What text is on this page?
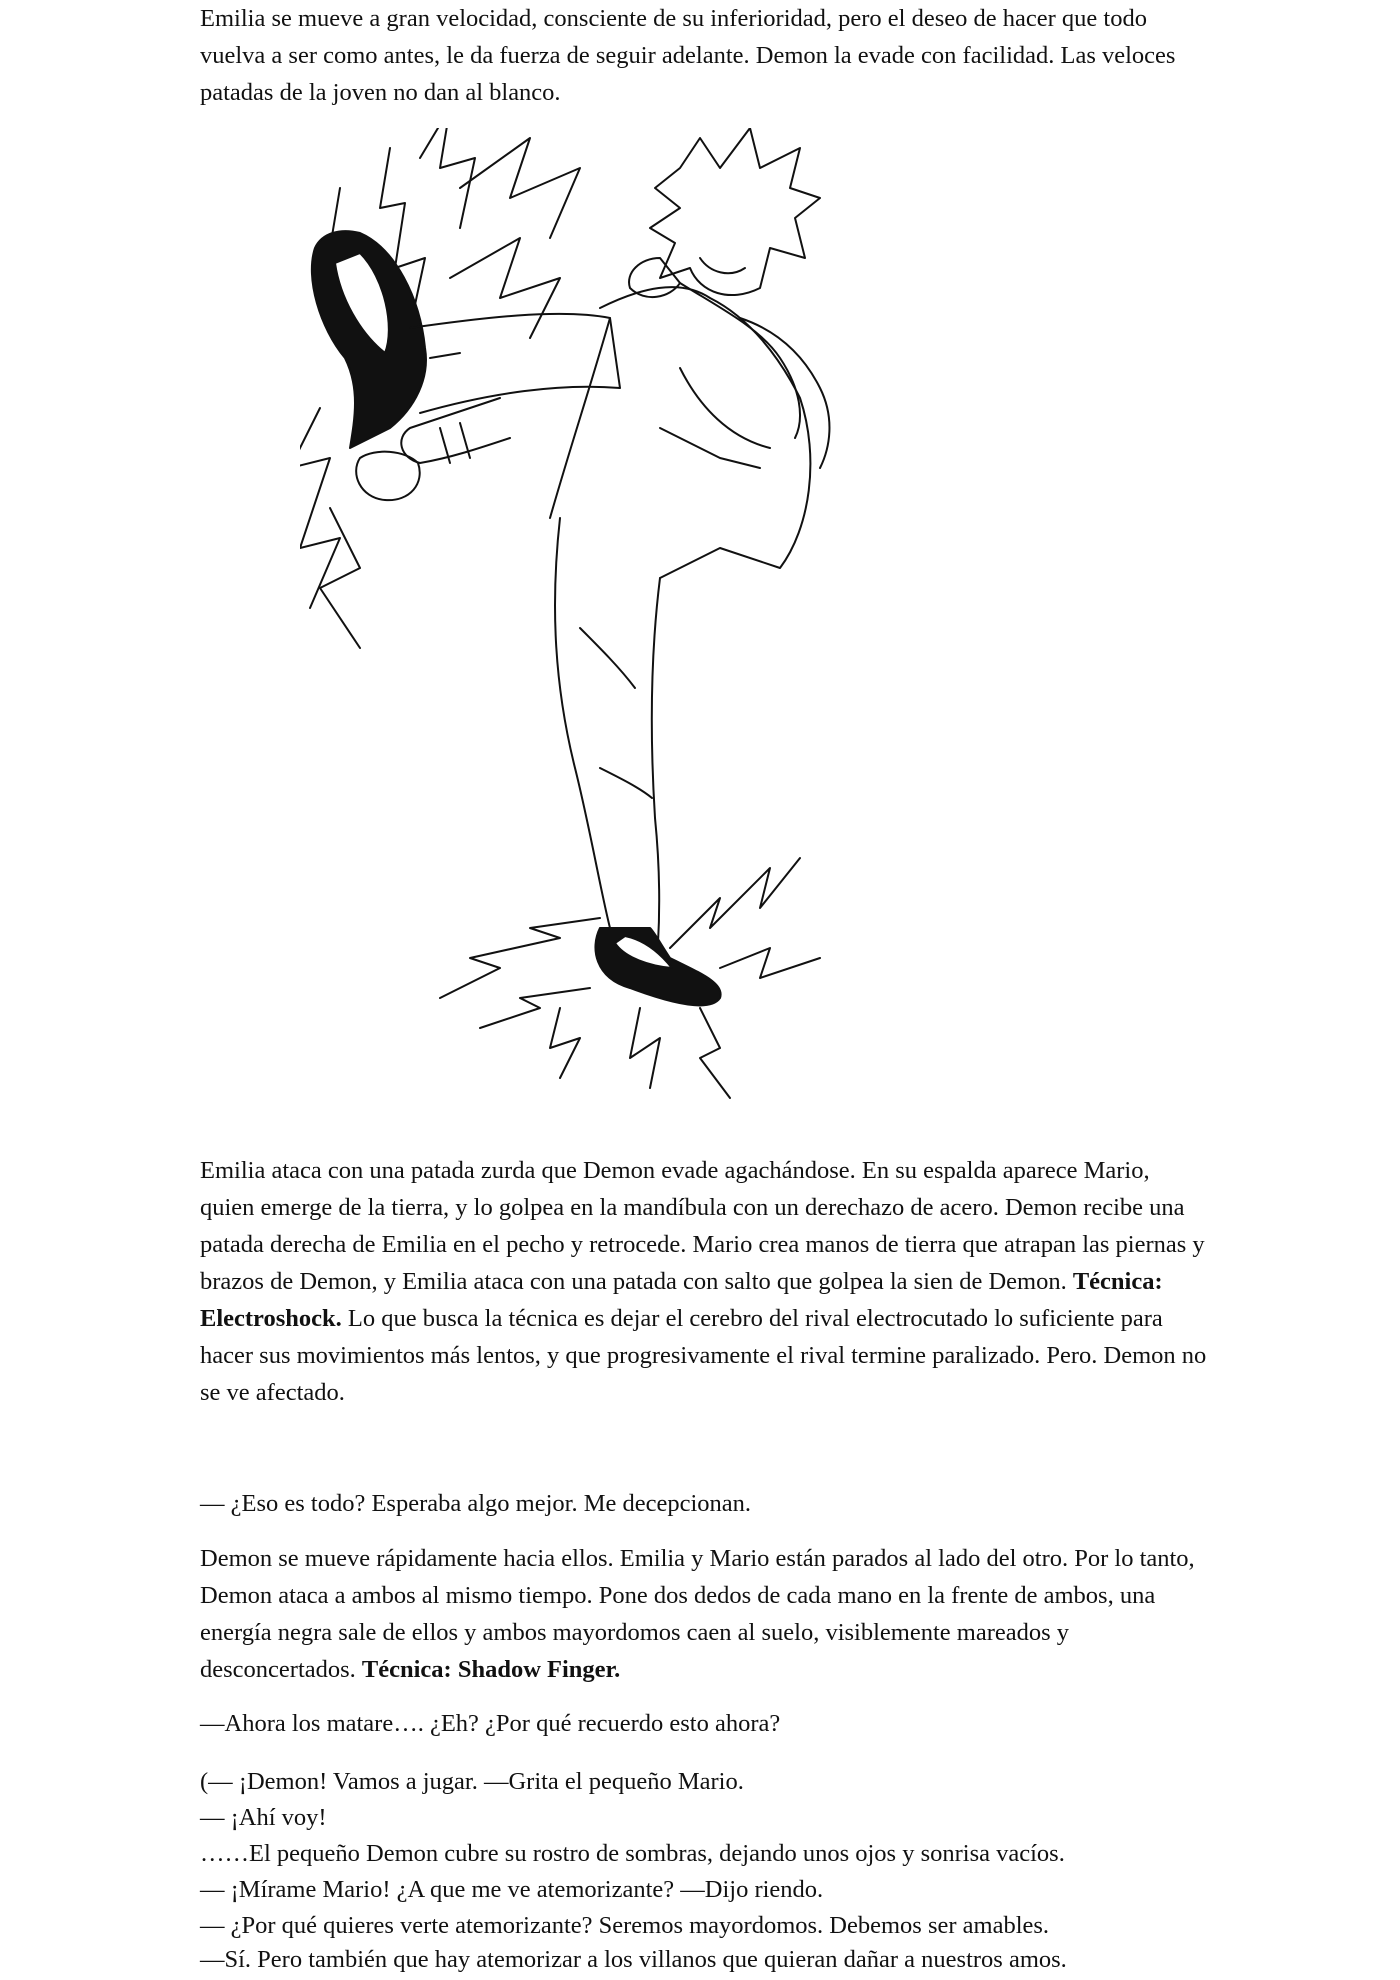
Emilia se mueve a gran velocidad, consciente de su inferioridad, pero el deseo de hacer que todo vuelva a ser como antes, le da fuerza de seguir adelante. Demon la evade con facilidad. Las veloces patadas de la joven no dan al blanco.

Emilia ataca con una patada zurda que Demon evade agachándose. En su espalda aparece Mario, quien emerge de la tierra, y lo golpea en la mandíbula con un derechazo de acero. Demon recibe una patada derecha de Emilia en el pecho y retrocede. Mario crea manos de tierra que atrapan las piernas y brazos de Demon, y Emilia ataca con una patada con salto que golpea la sien de Demon. Técnica: Electroshock. Lo que busca la técnica es dejar el cerebro del rival electrocutado lo suficiente para hacer sus movimientos más lentos, y que progresivamente el rival termine paralizado. Pero. Demon no se ve afectado.

— ¿Eso es todo? Esperaba algo mejor. Me decepcionan.

Demon se mueve rápidamente hacia ellos. Emilia y Mario están parados al lado del otro. Por lo tanto, Demon ataca a ambos al mismo tiempo. Pone dos dedos de cada mano en la frente de ambos, una energía negra sale de ellos y ambos mayordomos caen al suelo, visiblemente mareados y desconcertados. Técnica: Shadow Finger.

—Ahora los matare…. ¿Eh? ¿Por qué recuerdo esto ahora?

(— ¡Demon! Vamos a jugar. —Grita el pequeño Mario.

— ¡Ahí voy!

……El pequeño Demon cubre su rostro de sombras, dejando unos ojos y sonrisa vacíos.

— ¡Mírame Mario! ¿A que me ve atemorizante? —Dijo riendo.

— ¿Por qué quieres verte atemorizante? Seremos mayordomos. Debemos ser amables.

—Sí. Pero también que hay atemorizar a los villanos que quieran dañar a nuestros amos.
